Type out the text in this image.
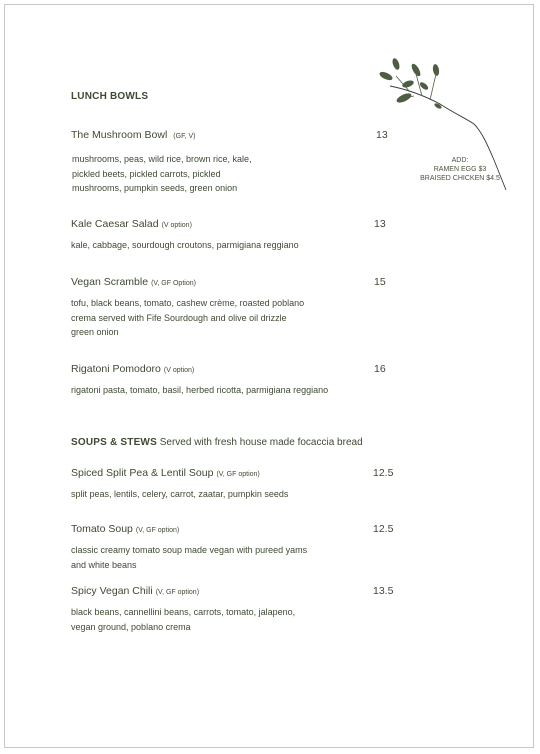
LUNCH BOWLS
The Mushroom Bowl (GF, V)	13
mushrooms, peas, wild rice, brown rice, kale,
pickled beets, pickled carrots, pickled
mushrooms, pumpkin seeds, green onion
ADD:
RAMEN EGG $3
BRAISED CHICKEN $4.5
Kale Caesar Salad (V option)	13
kale, cabbage, sourdough croutons, parmigiana reggiano
Vegan Scramble (V, GF Option)	15
tofu, black beans, tomato, cashew crème, roasted poblano
crema served with Fife Sourdough and olive oil drizzle
green onion
Rigatoni Pomodoro (V option)	16
rigatoni pasta, tomato, basil, herbed ricotta, parmigiana reggiano
SOUPS & STEWS Served with fresh house made focaccia bread
Spiced Split Pea & Lentil Soup (V, GF option)	12.5
split peas, lentils, celery, carrot, zaatar, pumpkin seeds
Tomato Soup (V, GF option)	12.5
classic creamy tomato soup made vegan with pureed yams
and white beans
Spicy Vegan Chili (V, GF option)	13.5
black beans, cannellini beans, carrots, tomato, jalapeno,
vegan ground, poblano crema
